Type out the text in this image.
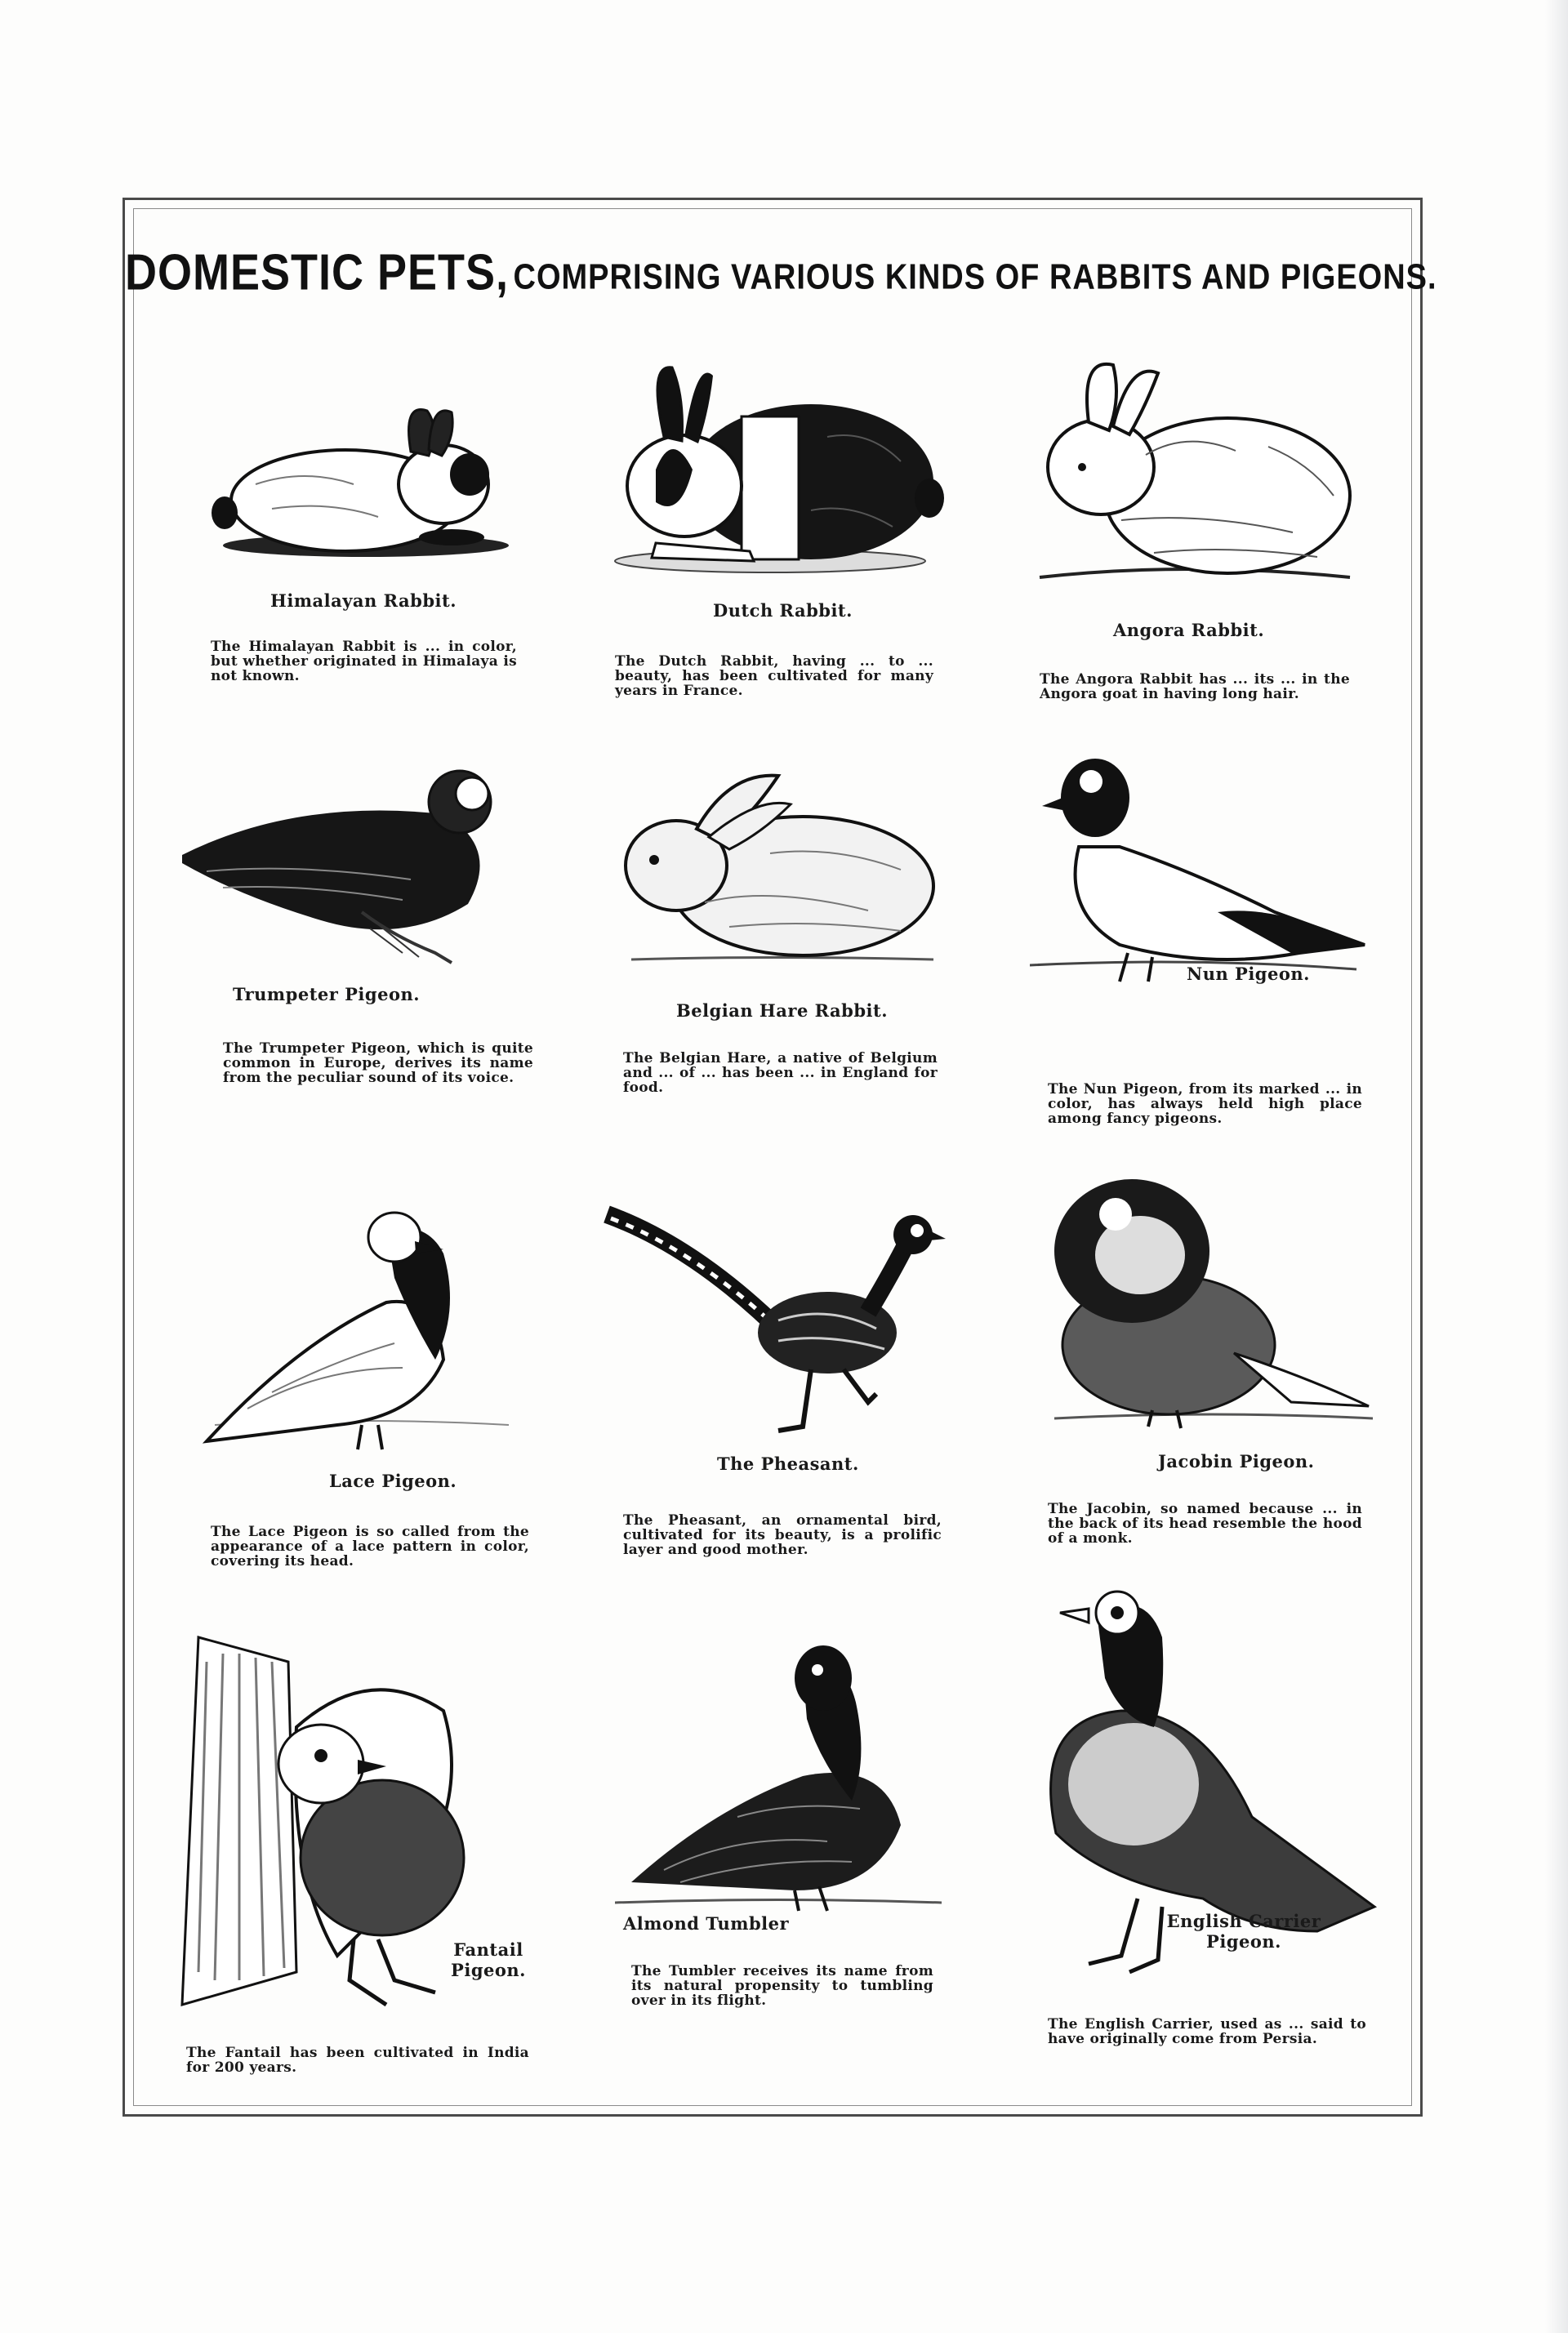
DOMESTIC PETS, COMPRISING VARIOUS KINDS OF RABBITS AND PIGEONS.
Himalayan Rabbit.
The Himalayan Rabbit is ... in color, but whether originated in Himalaya is not known.
Dutch Rabbit.
The Dutch Rabbit, having ... to ... beauty, has been cultivated for many years in France.
Angora Rabbit.
The Angora Rabbit has ... its ... in the Angora goat in having long hair.
Trumpeter Pigeon.
The Trumpeter Pigeon, which is quite common in Europe, derives its name from the peculiar sound of its voice.
Belgian Hare Rabbit.
The Belgian Hare, a native of Belgium and ... of ... has been ... in England for food.
Nun Pigeon.
The Nun Pigeon, from its marked ... in color, has always held high place among fancy pigeons.
Lace Pigeon.
The Lace Pigeon is so called from the appearance of a lace pattern in color, covering its head.
The Pheasant.
The Pheasant, an ornamental bird, cultivated for its beauty, is a prolific layer and good mother.
Jacobin Pigeon.
The Jacobin, so named because ... in the back of its head resemble the hood of a monk.
Fantail Pigeon.
The Fantail has been cultivated in India for 200 years.
Almond Tumbler
The Tumbler receives its name from its natural propensity to tumbling over in its flight.
English Carrier Pigeon.
The English Carrier, used as ... said to have originally come from Persia.
